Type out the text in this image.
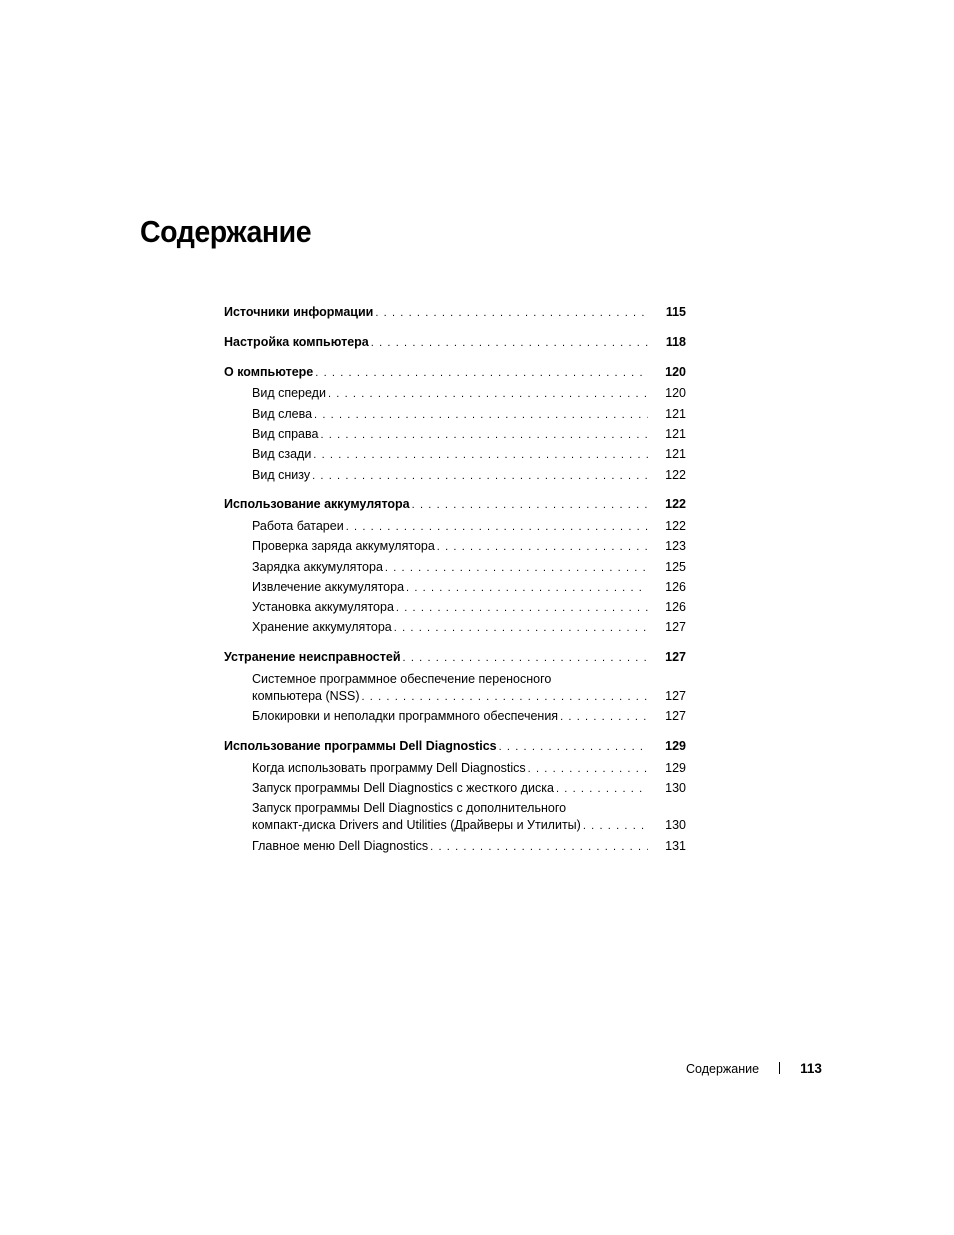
Содержание
Источники информации . . .	115
Настройка компьютера . . .	118
О компьютере . . .	120
Вид спереди . . .	120
Вид слева . . .	121
Вид справа . . .	121
Вид сзади . . .	121
Вид снизу . . .	122
Использование аккумулятора . . .	122
Работа батареи . . .	122
Проверка заряда аккумулятора . . .	123
Зарядка аккумулятора . . .	125
Извлечение аккумулятора . . .	126
Установка аккумулятора . . .	126
Хранение аккумулятора . . .	127
Устранение неисправностей . . .	127
Системное программное обеспечение переносного
компьютера (NSS) . . .	127
Блокировки и неполадки программного обеспечения . . .	127
Использование программы Dell Diagnostics . . .	129
Когда использовать программу Dell Diagnostics . . .	129
Запуск программы Dell Diagnostics с жесткого диска . . .	130
Запуск программы Dell Diagnostics с дополнительного
компакт-диска Drivers and Utilities (Драйверы и Утилиты) . . .	130
Главное меню Dell Diagnostics . . .	131
Содержание	113
